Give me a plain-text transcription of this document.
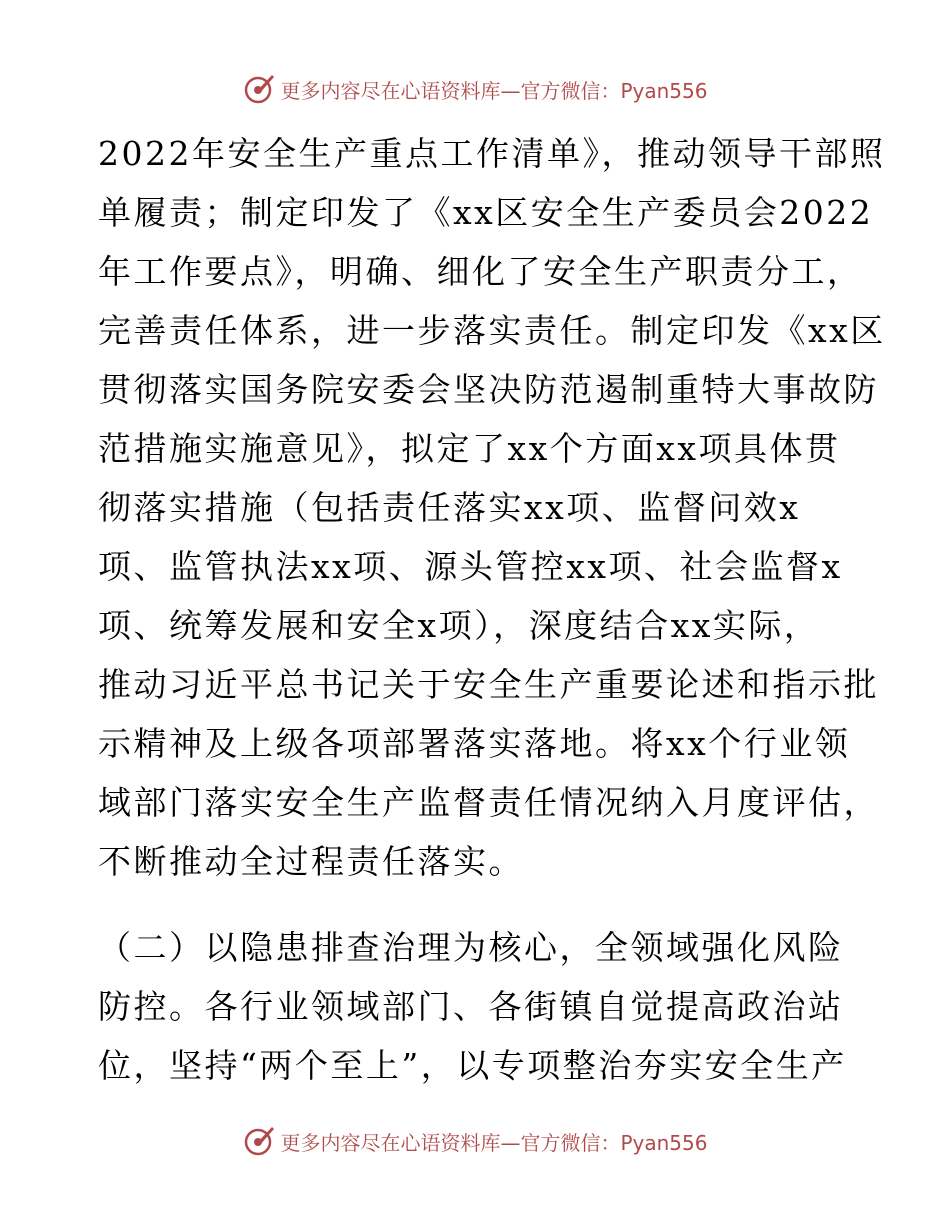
更多内容尽在心语资料库—官方微信：Pyan556
2022年安全生产重点工作清单》，推动领导干部照
单履责；制定印发了《xx区安全生产委员会2022
年工作要点》，明确、细化了安全生产职责分工，
完善责任体系，进一步落实责任。制定印发《xx区
贯彻落实国务院安委会坚决防范遏制重特大事故防
范措施实施意见》，拟定了xx个方面xx项具体贯
彻落实措施（包括责任落实xx项、监督问效x
项、监管执法xx项、源头管控xx项、社会监督x
项、统筹发展和安全x项），深度结合xx实际，
推动习近平总书记关于安全生产重要论述和指示批
示精神及上级各项部署落实落地。将xx个行业领
域部门落实安全生产监督责任情况纳入月度评估，
不断推动全过程责任落实。
（二）以隐患排查治理为核心，全领域强化风险
防控。各行业领域部门、各街镇自觉提高政治站
位，坚持“两个至上”，以专项整治夯实安全生产
更多内容尽在心语资料库—官方微信：Pyan556
